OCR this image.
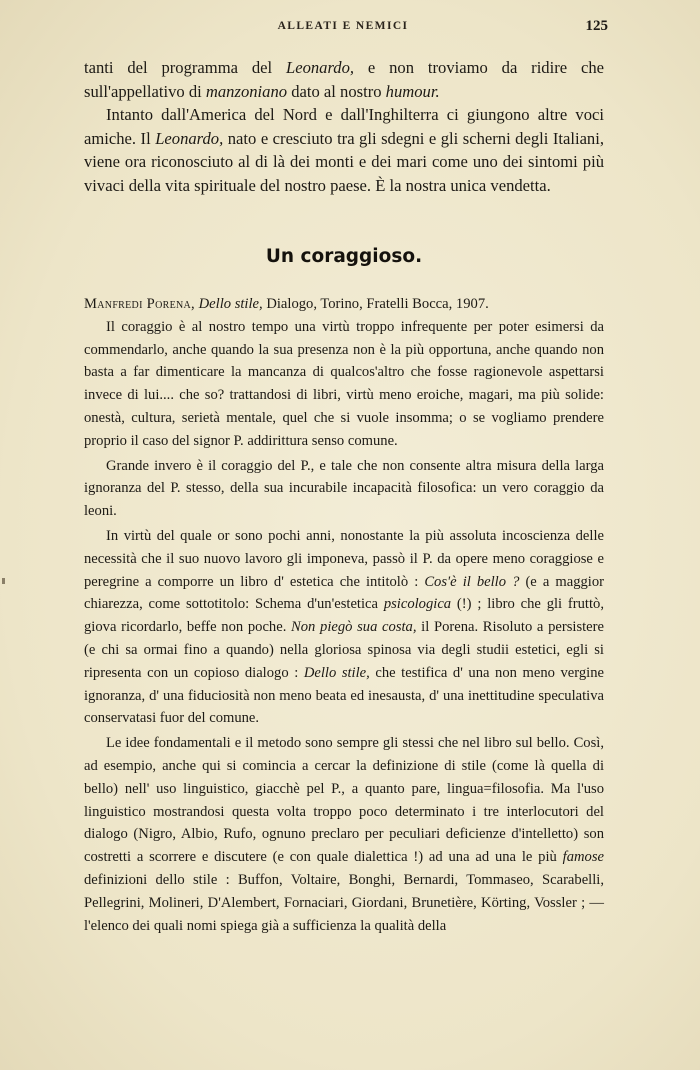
ALLEATI E NEMICI	125

tanti del programma del Leonardo, e non troviamo da ridire che sull'appellativo di manzoniano dato al nostro humour.

Intanto dall'America del Nord e dall'Inghilterra ci giungono altre voci amiche. Il Leonardo, nato e cresciuto tra gli sdegni e gli scherni degli Italiani, viene ora riconosciuto al di là dei monti e dei mari come uno dei sintomi più vivaci della vita spirituale del nostro paese. È la nostra unica vendetta.

Un coraggioso.

Manfredi Porena, Dello stile, Dialogo, Torino, Fratelli Bocca, 1907.

Il coraggio è al nostro tempo una virtù troppo infrequente per poter esimersi da commendarlo, anche quando la sua presenza non è la più opportuna, anche quando non basta a far dimenticare la mancanza di qualcos'altro che fosse ragionevole aspettarsi invece di lui.... che so? trattandosi di libri, virtù meno eroiche, magari, ma più solide: onestà, cultura, serietà mentale, quel che si vuole insomma; o se vogliamo prendere proprio il caso del signor P. addirittura senso comune.

Grande invero è il coraggio del P., e tale che non consente altra misura della larga ignoranza del P. stesso, della sua incurabile incapacità filosofica: un vero coraggio da leoni.

In virtù del quale or sono pochi anni, nonostante la più assoluta incoscienza delle necessità che il suo nuovo lavoro gli imponeva, passò il P. da opere meno coraggiose e peregrine a comporre un libro d' estetica che intitolò : Cos'è il bello ? (e a maggior chiarezza, come sottotitolo: Schema d'un'estetica psicologica (!) ; libro che gli fruttò, giova ricordarlo, beffe non poche. Non piegò sua costa, il Porena. Risoluto a persistere (e chi sa ormai fino a quando) nella gloriosa spinosa via degli studii estetici, egli si ripresenta con un copioso dialogo : Dello stile, che testifica d' una non meno vergine ignoranza, d' una fiduciosità non meno beata ed inesausta, d' una inettitudine speculativa conservatasi fuor del comune.

Le idee fondamentali e il metodo sono sempre gli stessi che nel libro sul bello. Così, ad esempio, anche qui si comincia a cercar la definizione di stile (come là quella di bello) nell' uso linguistico, giacchè pel P., a quanto pare, lingua=filosofia. Ma l'uso linguistico mostrandosi questa volta troppo poco determinato i tre interlocutori del dialogo (Nigro, Albio, Rufo, ognuno preclaro per peculiari deficienze d'intelletto) son costretti a scorrere e discutere (e con quale dialettica !) ad una ad una le più famose definizioni dello stile : Buffon, Voltaire, Bonghi, Bernardi, Tommaseo, Scarabelli, Pellegrini, Molineri, D'Alembert, Fornaciari, Giordani, Brunetière, Körting, Vossler ; — l'elenco dei quali nomi spiega già a sufficienza la qualità della
